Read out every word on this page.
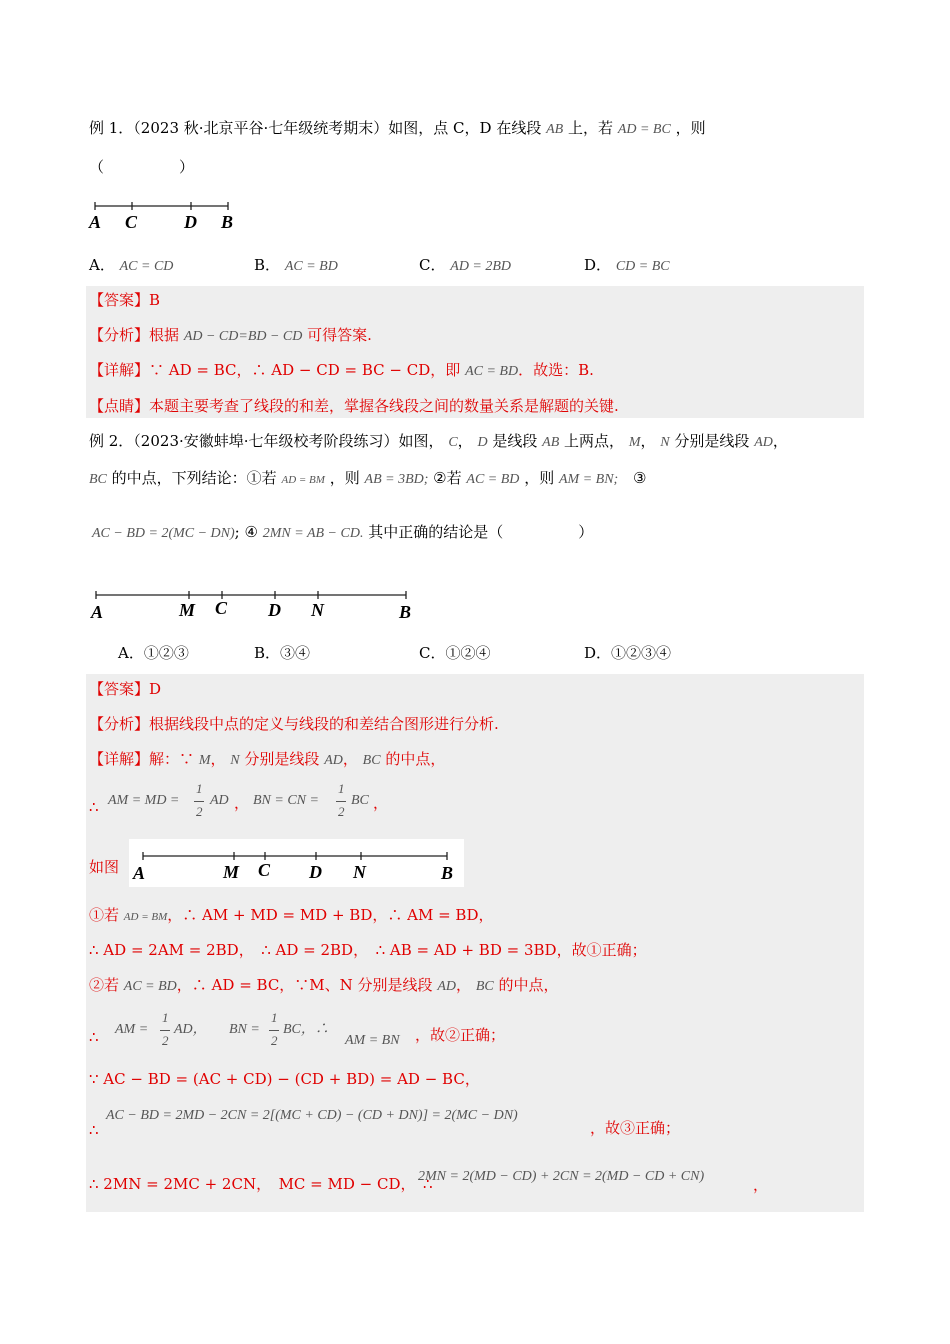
例 1．（2023 秋·北京平谷·七年级统考期末）如图，点 C，D 在线段 AB 上，若 AD = BC ，则
（　　　　　）
A C	D B
A． AC = CD	B． AC = BD	C． AD = 2BD	D． CD = BC
【答案】B
【分析】根据 AD − CD=BD − CD 可得答案.
【详解】∵ AD = BC，∴ AD − CD = BC − CD，即 AC = BD．故选：B.
【点睛】本题主要考查了线段的和差，掌握各线段之间的数量关系是解题的关键.
例 2．（2023·安徽蚌埠·七年级校考阶段练习）如图， C， D 是线段 AB 上两点， M， N 分别是线段 AD，
BC 的中点，下列结论：①若 AD = BM ，则 AB = 3BD; ②若 AC = BD ，则 AM = BN; ③
AC − BD = 2(MC − DN); ④ 2MN = AB − CD. 其中正确的结论是（　　　　　）
A	M C D N	B
A．①②③	B．③④	C．①②④	D．①②③④
【答案】D
【分析】根据线段中点的定义与线段的和差结合图形进行分析.
【详解】解：∵ M， N 分别是线段 AD， BC 的中点，
∴ AM = MD =
1
2
AD ， BN = CN =
1
2
BC ，
如图 A	M C D N	B
①若 AD = BM，∴ AM + MD = MD + BD，∴ AM = BD，
∴ AD = 2AM = 2BD，　∴ AD = 2BD，　∴ AB = AD + BD = 3BD，故①正确；
②若 AC = BD，∴ AD = BC，∵M、N 分别是线段 AD， BC 的中点，
∴ AM =
1
2
AD， BN =
1
2
BC，∴
AM = BN ，故②正确；
∵ AC − BD = (AC + CD) − (CD + BD) = AD − BC，
∴
AC − BD = 2MD − 2CN = 2[(MC + CD) − (CD + DN)] = 2(MC − DN)
，故③正确；
∴ 2MN = 2MC + 2CN，　MC = MD − CD，　∴
2MN = 2(MD − CD) + 2CN = 2(MD − CD + CN)	，
